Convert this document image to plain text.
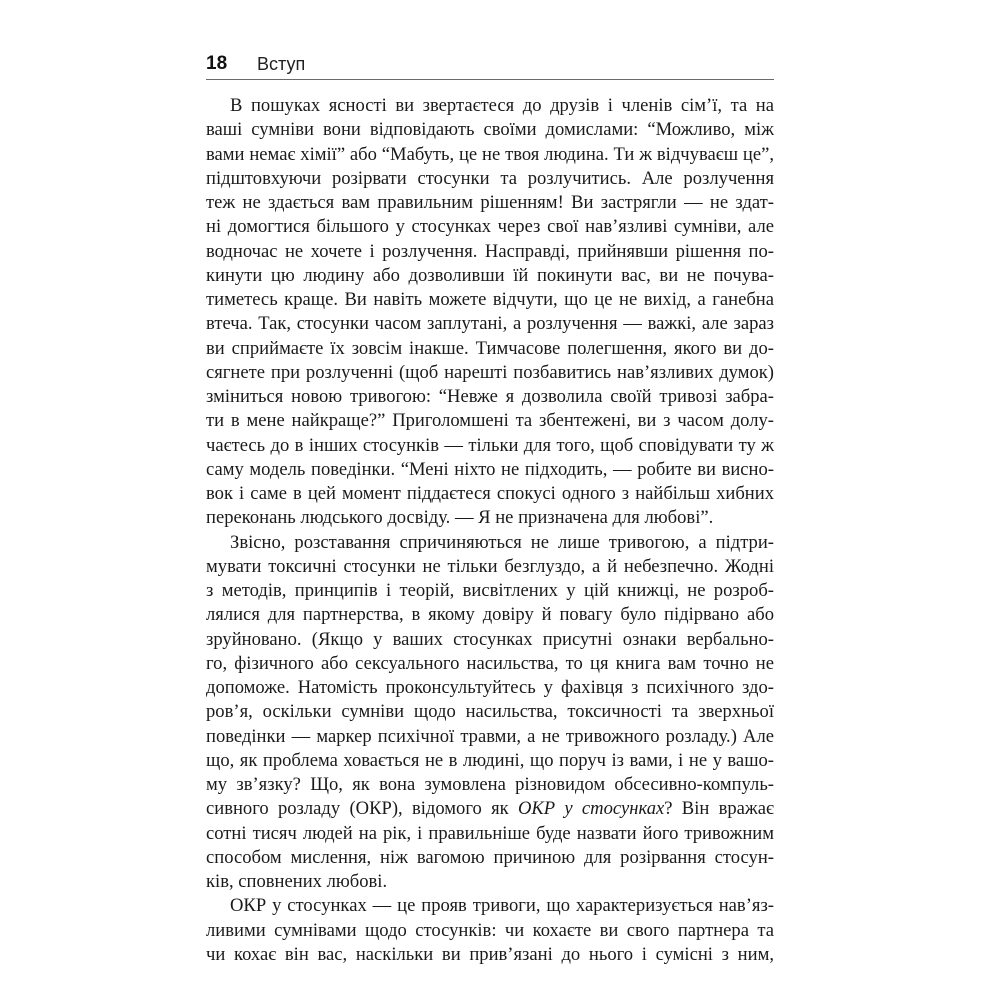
18 Вступ
В пошуках ясності ви звертаєтеся до друзів і членів сім’ї, та на
ваші сумніви вони відповідають своїми домислами: “Можливо, між
вами немає хімії” або “Мабуть, це не твоя людина. Ти ж відчуваєш це”,
підштовхуючи розірвати стосунки та розлучитись. Але розлучення
теж не здається вам правильним рішенням! Ви застрягли — не здат-
ні домогтися більшого у стосунках через свої нав’язливі сумніви, але
водночас не хочете і розлучення. Насправді, прийнявши рішення по-
кинути цю людину або дозволивши їй покинути вас, ви не почува-
тиметесь краще. Ви навіть можете відчути, що це не вихід, а ганебна
втеча. Так, стосунки часом заплутані, а розлучення — важкі, але зараз
ви сприймаєте їх зовсім інакше. Тимчасове полегшення, якого ви до-
сягнете при розлученні (щоб нарешті позбавитись нав’язливих думок)
зміниться новою тривогою: “Невже я дозволила своїй тривозі забра-
ти в мене найкраще?” Приголомшені та збентежені, ви з часом долу-
чаєтесь до в інших стосунків — тільки для того, щоб сповідувати ту ж
саму модель поведінки. “Мені ніхто не підходить, — робите ви висно-
вок і саме в цей момент піддаєтеся спокусі одного з найбільш хибних
переконань людського досвіду. — Я не призначена для любові”.
Звісно, розставання спричиняються не лише тривогою, а підтри-
мувати токсичні стосунки не тільки безглуздо, а й небезпечно. Жодні
з методів, принципів і теорій, висвітлених у цій книжці, не розроб-
лялися для партнерства, в якому довіру й повагу було підірвано або
зруйновано. (Якщо у ваших стосунках присутні ознаки вербально-
го, фізичного або сексуального насильства, то ця книга вам точно не
допоможе. Натомість проконсультуйтесь у фахівця з психічного здо-
ров’я, оскільки сумніви щодо насильства, токсичності та зверхньої
поведінки — маркер психічної травми, а не тривожного розладу.) Але
що, як проблема ховається не в людині, що поруч із вами, і не у вашо-
му зв’язку? Що, як вона зумовлена різновидом обсесивно-компуль-
сивного розладу (ОКР), відомого як ОКР у стосунках? Він вражає
сотні тисяч людей на рік, і правильніше буде назвати його тривожним
способом мислення, ніж вагомою причиною для розірвання стосун-
ків, сповнених любові.
ОКР у стосунках — це прояв тривоги, що характеризується нав’яз-
ливими сумнівами щодо стосунків: чи кохаєте ви свого партнера та
чи кохає він вас, наскільки ви прив’язані до нього і сумісні з ним,
